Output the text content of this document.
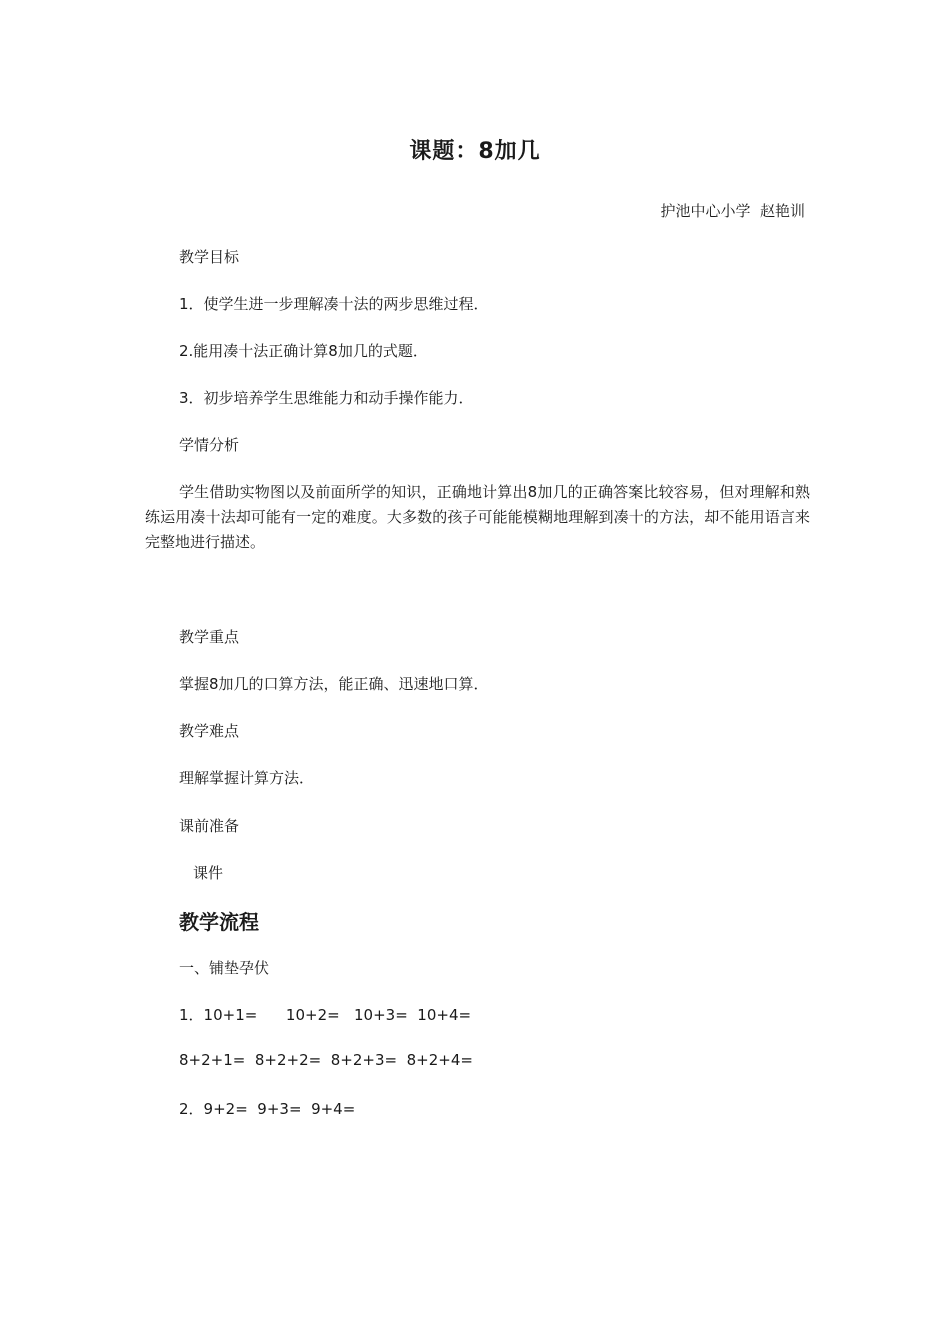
课题：8加几
护池中心小学  赵艳训
教学目标
1．使学生进一步理解凑十法的两步思维过程．
2.能用凑十法正确计算8加几的式题．
3．初步培养学生思维能力和动手操作能力．
学情分析
学生借助实物图以及前面所学的知识，正确地计算出8加几的正确答案比较容易，但对理解和熟练运用凑十法却可能有一定的难度。大多数的孩子可能能模糊地理解到凑十的方法，却不能用语言来完整地进行描述。
教学重点
掌握8加几的口算方法，能正确、迅速地口算．
教学难点
理解掌握计算方法．
课前准备
课件
教学流程
一、铺垫孕伏
1．10+1=      10+2=   10+3=  10+4=
8+2+1=  8+2+2=  8+2+3=  8+2+4=
2．9+2=  9+3=  9+4=
